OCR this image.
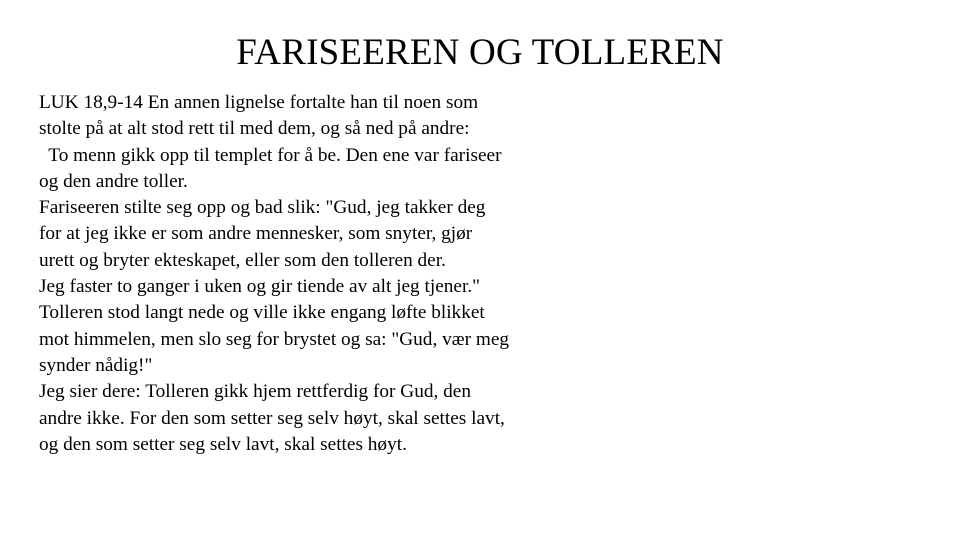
FARISEEREN OG TOLLEREN
LUK 18,9-14 En annen lignelse fortalte han til noen som
stolte på at alt stod rett til med dem, og så ned på andre:
To menn gikk opp til templet for å be. Den ene var fariseer
og den andre toller.
Fariseeren stilte seg opp og bad slik: "Gud, jeg takker deg
for at jeg ikke er som andre mennesker, som snyter, gjør
urett og bryter ekteskapet, eller som den tolleren der.
Jeg faster to ganger i uken og gir tiende av alt jeg tjener."
Tolleren stod langt nede og ville ikke engang løfte blikket
mot himmelen, men slo seg for brystet og sa: "Gud, vær meg
synder nådig!"
Jeg sier dere: Tolleren gikk hjem rettferdig for Gud, den
andre ikke. For den som setter seg selv høyt, skal settes lavt,
og den som setter seg selv lavt, skal settes høyt.
